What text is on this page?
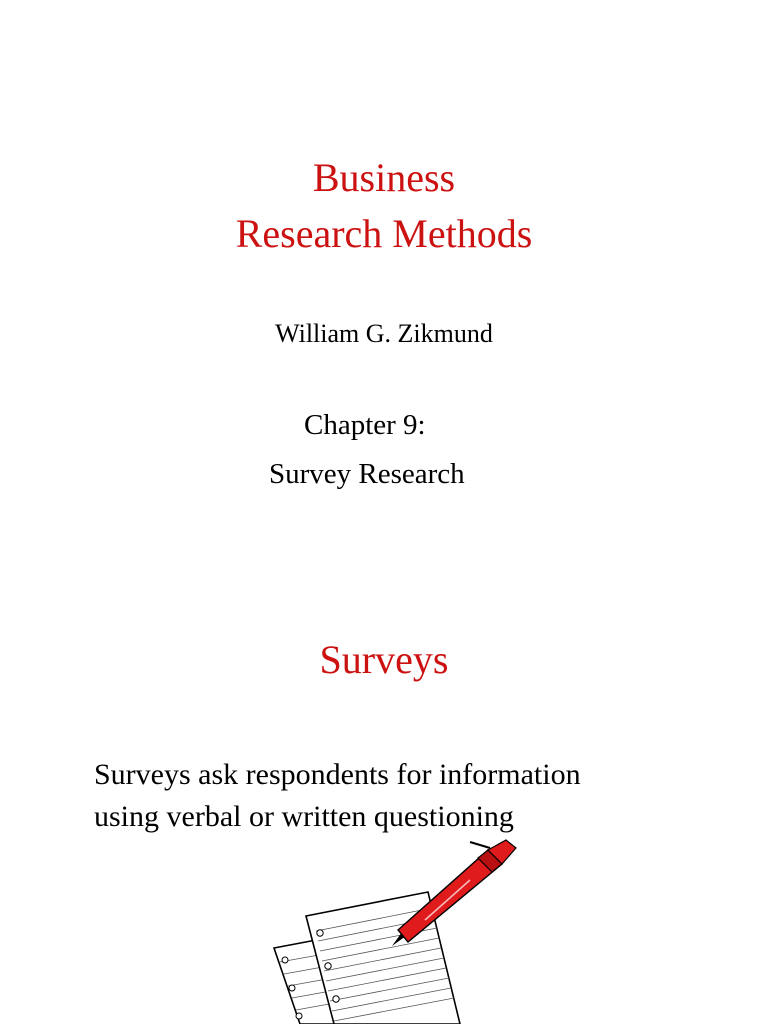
Business
Research Methods
William G. Zikmund
Chapter 9:
Survey Research
Surveys
Surveys ask respondents for information
using verbal or written questioning
